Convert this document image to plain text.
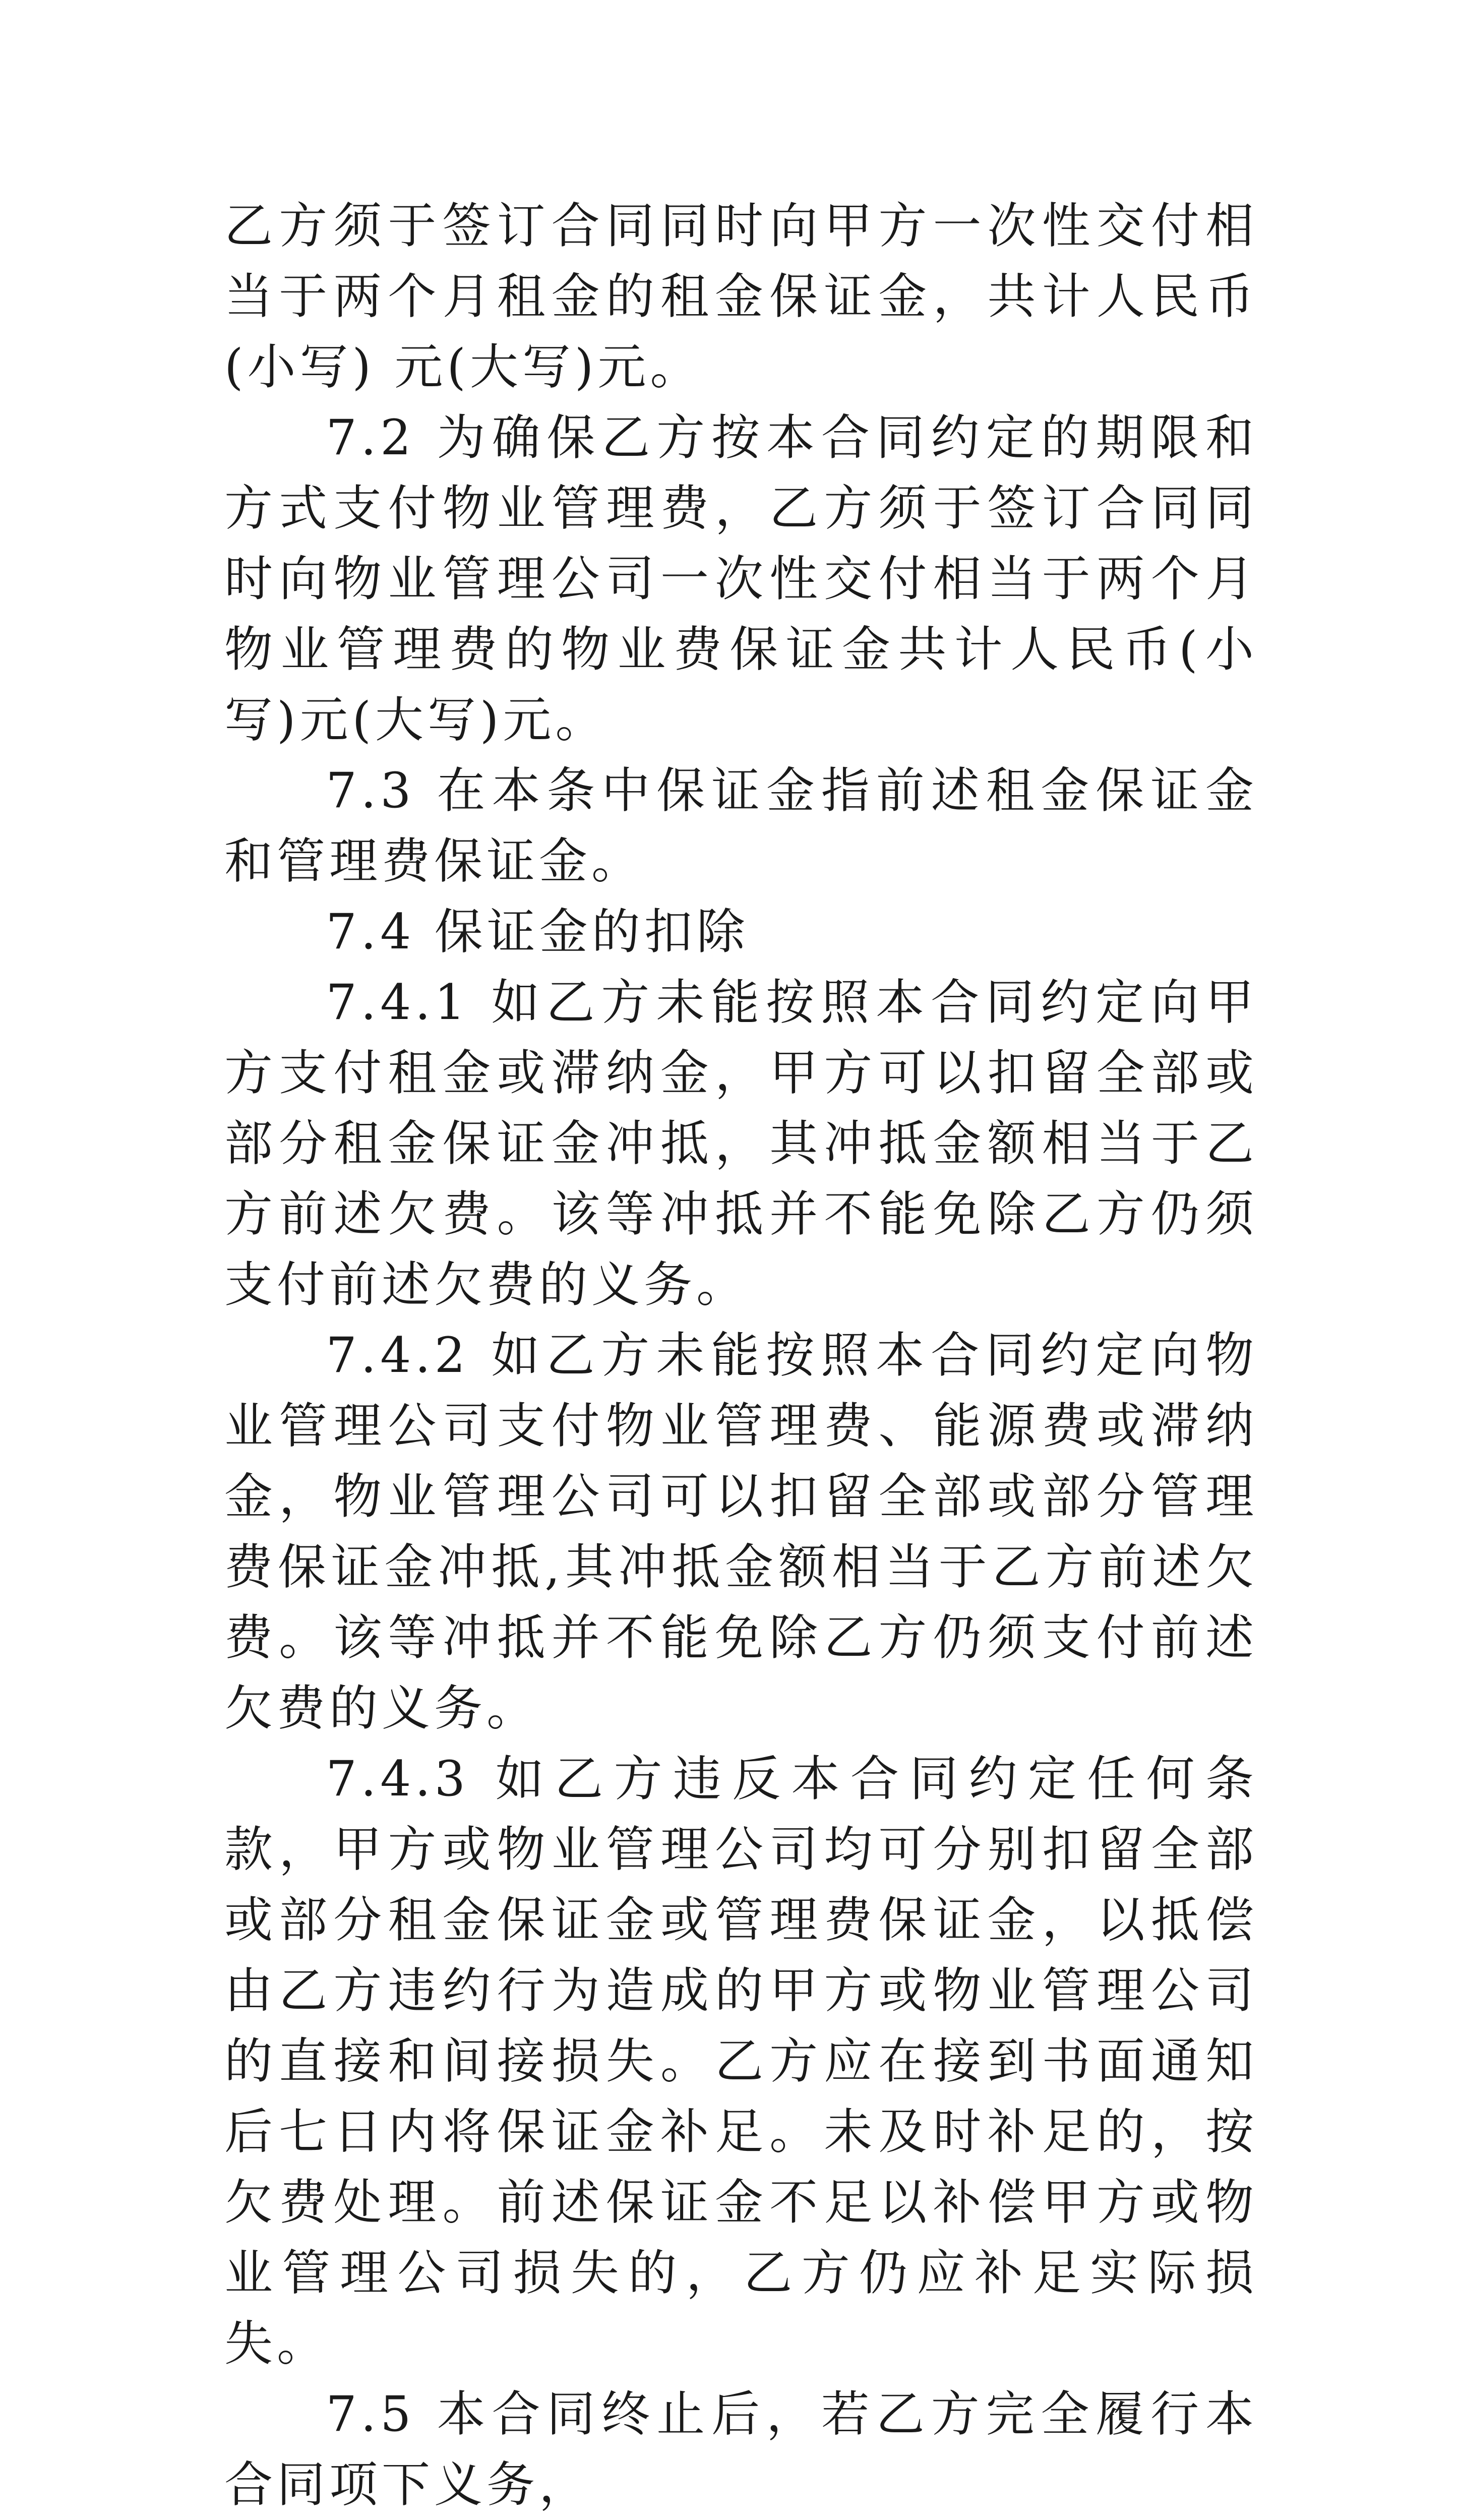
乙方须于签订合同同时向甲方一次性交付相当于两个月租金的租金保证金，共计人民币(小写) 元(大写)元。

7.2 为确保乙方按本合同约定的期限和方式支付物业管理费，乙方须于签订合同同时向物业管理公司一次性交付相当于两个月物业管理费的物业费保证金共计人民币(小写)元(大写)元。

7.3 在本条中保证金指前述租金保证金和管理费保证金。

7.4 保证金的扣除

7.4.1 如乙方未能按照本合同约定向甲方支付租金或滞纳金，甲方可以扣留全部或部分租金保证金冲抵，其冲抵金额相当于乙方前述欠费。该等冲抵并不能免除乙方仍须支付前述欠费的义务。

7.4.2 如乙方未能按照本合同约定向物业管理公司支付物业管理费、能源费或滞纳金，物业管理公司可以扣留全部或部分管理费保证金冲抵,其冲抵金额相当于乙方前述欠费。该等冲抵并不能免除乙方仍须支付前述欠费的义务。

7.4.3 如乙方违反本合同约定任何条款，甲方或物业管理公司均可分别扣留全部或部分租金保证金或管理费保证金，以抵偿由乙方违约行为造成的甲方或物业管理公司的直接和间接损失。乙方应在接到书面通知后七日内将保证金补足。未及时补足的，按欠费处理。前述保证金不足以补偿甲方或物业管理公司损失的，乙方仍应补足实际损失。

7.5 本合同终止后，若乙方完全履行本合同项下义务，
